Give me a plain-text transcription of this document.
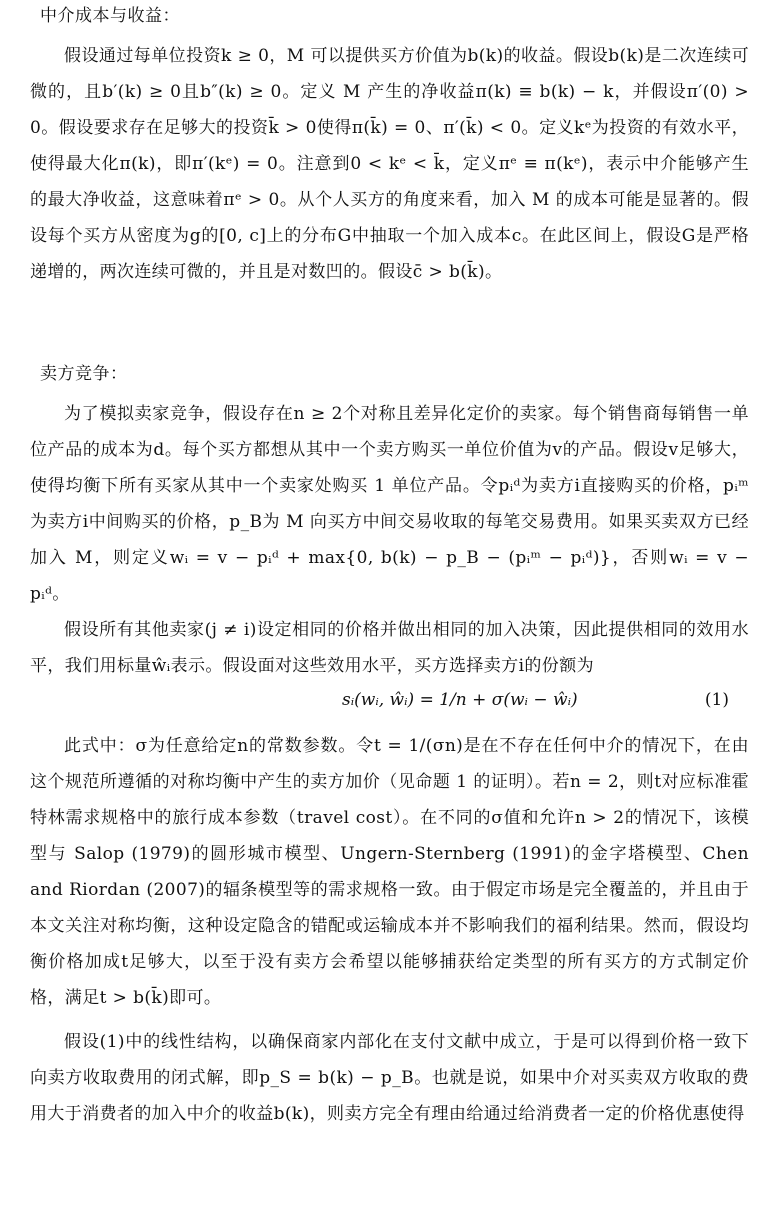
中介成本与收益：

假设通过每单位投资k ≥ 0，M 可以提供买方价值为b(k)的收益。假设b(k)是二次连续可微的，且b′(k) ≥ 0且b″(k) ≥ 0。定义 M 产生的净收益π(k) ≡ b(k) − k，并假设π′(0) > 0。假设要求存在足够大的投资k̄ > 0使得π(k̄) = 0、π′(k̄) < 0。定义kᵉ为投资的有效水平，使得最大化π(k)，即π′(kᵉ) = 0。注意到0 < kᵉ < k̄，定义πᵉ ≡ π(kᵉ)，表示中介能够产生的最大净收益，这意味着πᵉ > 0。从个人买方的角度来看，加入 M 的成本可能是显著的。假设每个买方从密度为g的[0, c]上的分布G中抽取一个加入成本c。在此区间上，假设G是严格递增的，两次连续可微的，并且是对数凹的。假设c̄ > b(k̄)。

卖方竞争：

为了模拟卖家竞争，假设存在n ≥ 2个对称且差异化定价的卖家。每个销售商每销售一单位产品的成本为d。每个买方都想从其中一个卖方购买一单位价值为v的产品。假设v足够大，使得均衡下所有买家从其中一个卖家处购买 1 单位产品。令pᵢᵈ为卖方i直接购买的价格，pᵢᵐ为卖方i中间购买的价格，p_B为 M 向买方中间交易收取的每笔交易费用。如果买卖双方已经加入 M，则定义wᵢ = v − pᵢᵈ + max{0, b(k) − p_B − (pᵢᵐ − pᵢᵈ)}，否则wᵢ = v − pᵢᵈ。

假设所有其他卖家(j ≠ i)设定相同的价格并做出相同的加入决策，因此提供相同的效用水平，我们用标量ŵᵢ表示。假设面对这些效用水平，买方选择卖方i的份额为

sᵢ(wᵢ, ŵᵢ) = 1/n + σ(wᵢ − ŵᵢ)	(1)

此式中：σ为任意给定n的常数参数。令t = 1/(σn)是在不存在任何中介的情况下，在由这个规范所遵循的对称均衡中产生的卖方加价（见命题 1 的证明）。若n = 2，则t对应标准霍特林需求规格中的旅行成本参数（travel cost）。在不同的σ值和允许n > 2的情况下，该模型与 Salop (1979)的圆形城市模型、Ungern-Sternberg (1991)的金字塔模型、Chen and Riordan (2007)的辐条模型等的需求规格一致。由于假定市场是完全覆盖的，并且由于本文关注对称均衡，这种设定隐含的错配或运输成本并不影响我们的福利结果。然而，假设均衡价格加成t足够大，以至于没有卖方会希望以能够捕获给定类型的所有买方的方式制定价格，满足t > b(k̄)即可。

假设(1)中的线性结构，以确保商家内部化在支付文献中成立，于是可以得到价格一致下向卖方收取费用的闭式解，即p_S = b(k) − p_B。也就是说，如果中介对买卖双方收取的费用大于消费者的加入中介的收益b(k)，则卖方完全有理由给通过给消费者一定的价格优惠使得
